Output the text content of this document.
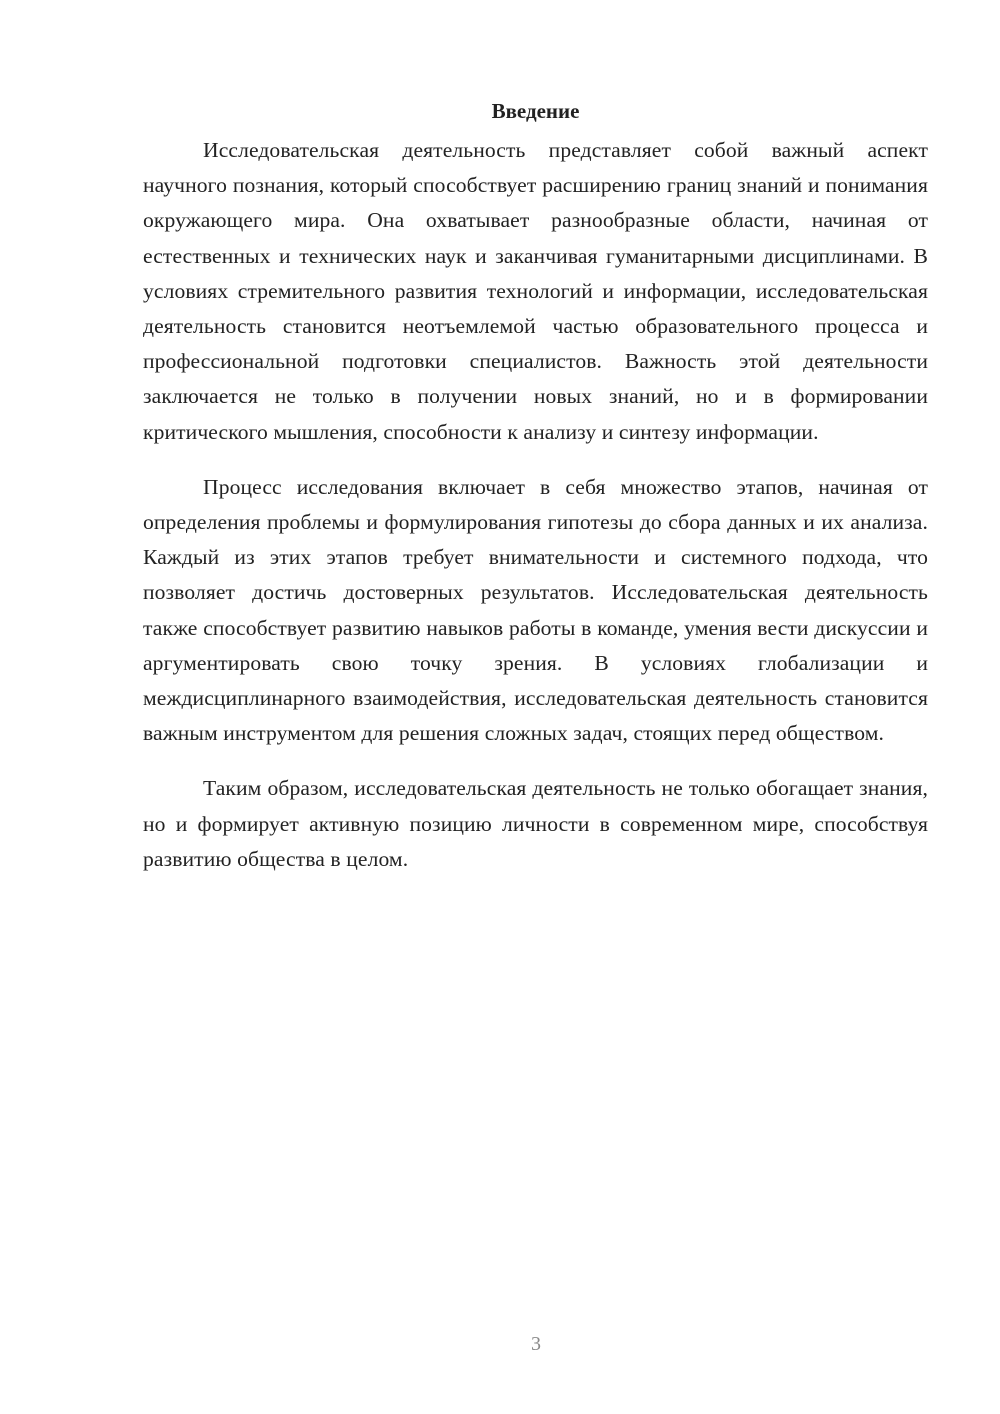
Введение

Исследовательская деятельность представляет собой важный аспект научного познания, который способствует расширению границ знаний и понимания окружающего мира. Она охватывает разнообразные области, начиная от естественных и технических наук и заканчивая гуманитарными дисциплинами. В условиях стремительного развития технологий и информации, исследовательская деятельность становится неотъемлемой частью образовательного процесса и профессиональной подготовки специалистов. Важность этой деятельности заключается не только в получении новых знаний, но и в формировании критического мышления, способности к анализу и синтезу информации.

Процесс исследования включает в себя множество этапов, начиная от определения проблемы и формулирования гипотезы до сбора данных и их анализа. Каждый из этих этапов требует внимательности и системного подхода, что позволяет достичь достоверных результатов. Исследовательская деятельность также способствует развитию навыков работы в команде, умения вести дискуссии и аргументировать свою точку зрения. В условиях глобализации и междисциплинарного взаимодействия, исследовательская деятельность становится важным инструментом для решения сложных задач, стоящих перед обществом.

Таким образом, исследовательская деятельность не только обогащает знания, но и формирует активную позицию личности в современном мире, способствуя развитию общества в целом.

3
